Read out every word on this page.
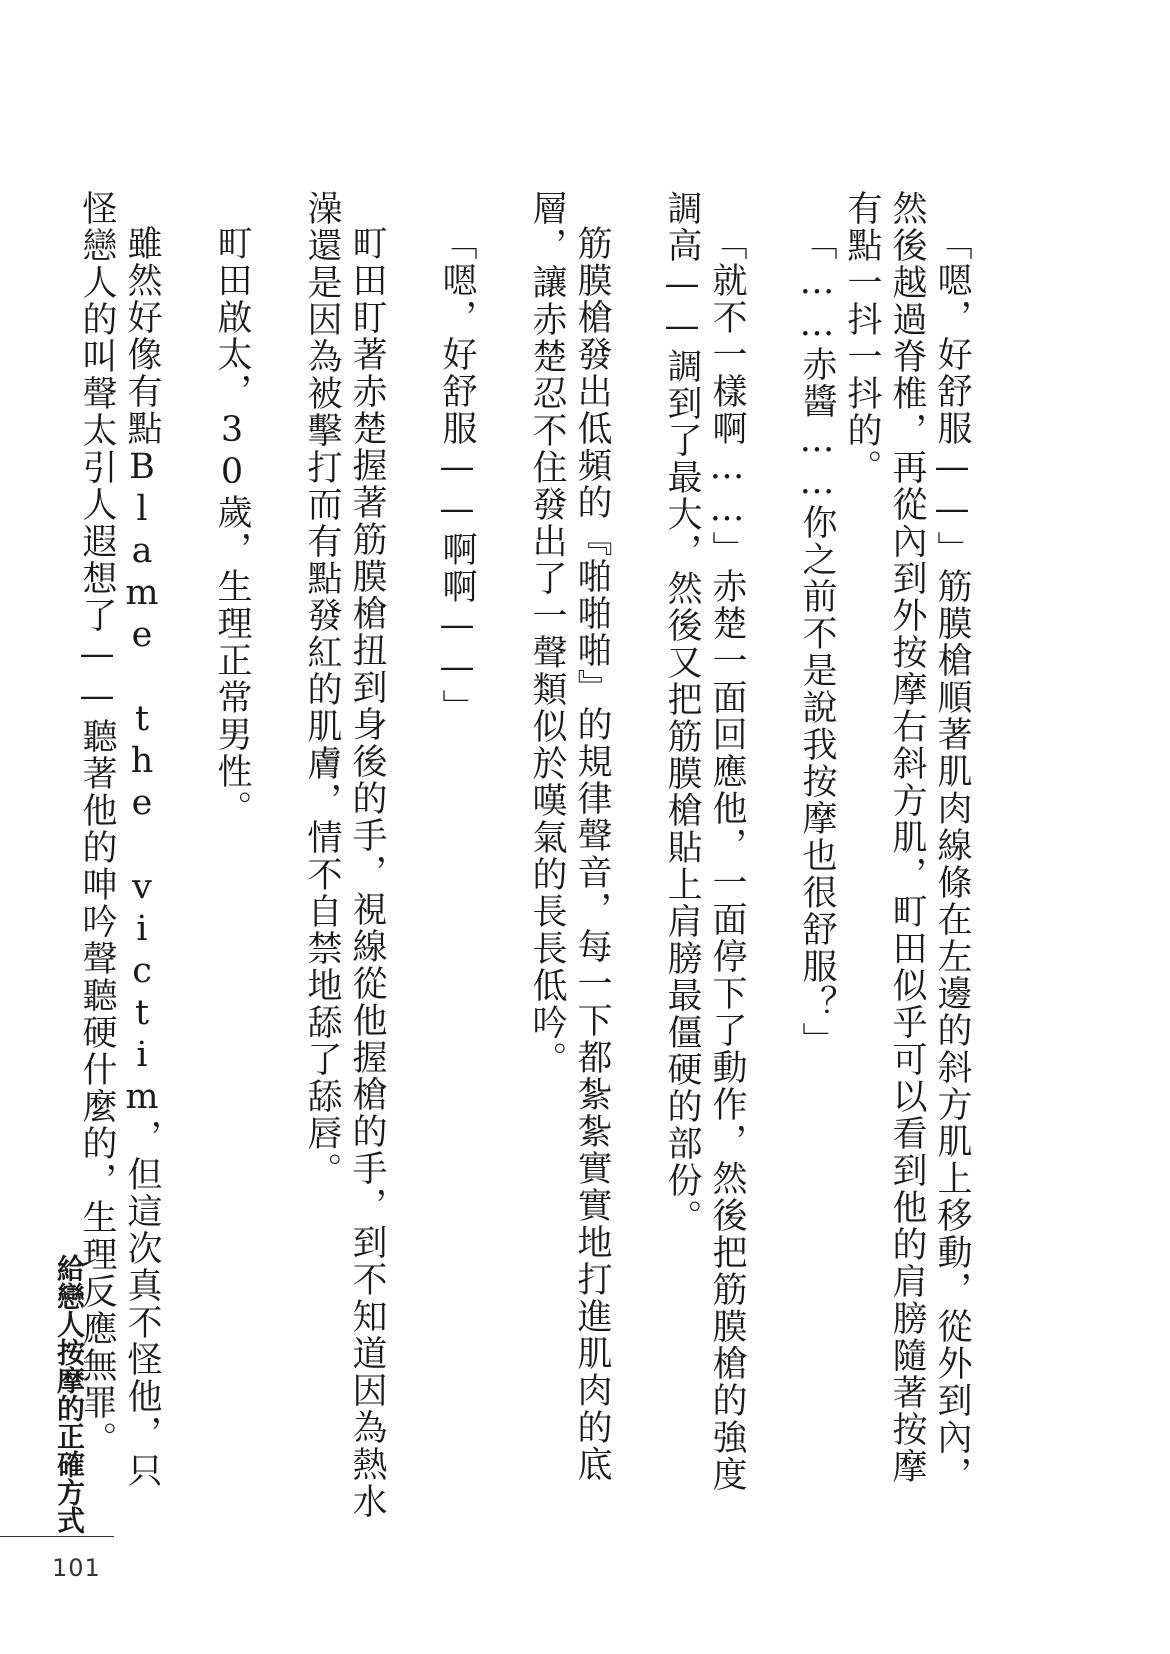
「嗯，好舒服——」筋膜槍順著肌肉線條在左邊的斜方肌上移動，從外到內，然後越過脊椎，再從內到外按摩右斜方肌，町田似乎可以看到他的肩膀隨著按摩有點一抖一抖的。

「……赤醬……你之前不是說我按摩也很舒服？」

「就不一樣啊……」赤楚一面回應他，一面停下了動作，然後把筋膜槍的強度調高——調到了最大，然後又把筋膜槍貼上肩膀最僵硬的部份。

筋膜槍發出低頻的『啪啪啪』的規律聲音，每一下都紮紮實實地打進肌肉的底層，讓赤楚忍不住發出了一聲類似於嘆氣的長長低吟。

「嗯，好舒服——啊啊——」

町田盯著赤楚握著筋膜槍扭到身後的手，視線從他握槍的手，到不知道因為熱水澡還是因為被擊打而有點發紅的肌膚，情不自禁地舔了舔唇。

町田啟太，30歲，生理正常男性。

雖然好像有點Blame the victim，但這次真不怪他，只怪戀人的叫聲太引人遐想了——聽著他的呻吟聲聽硬什麼的，生理反應無罪。

給戀人按摩的正確方式
101
